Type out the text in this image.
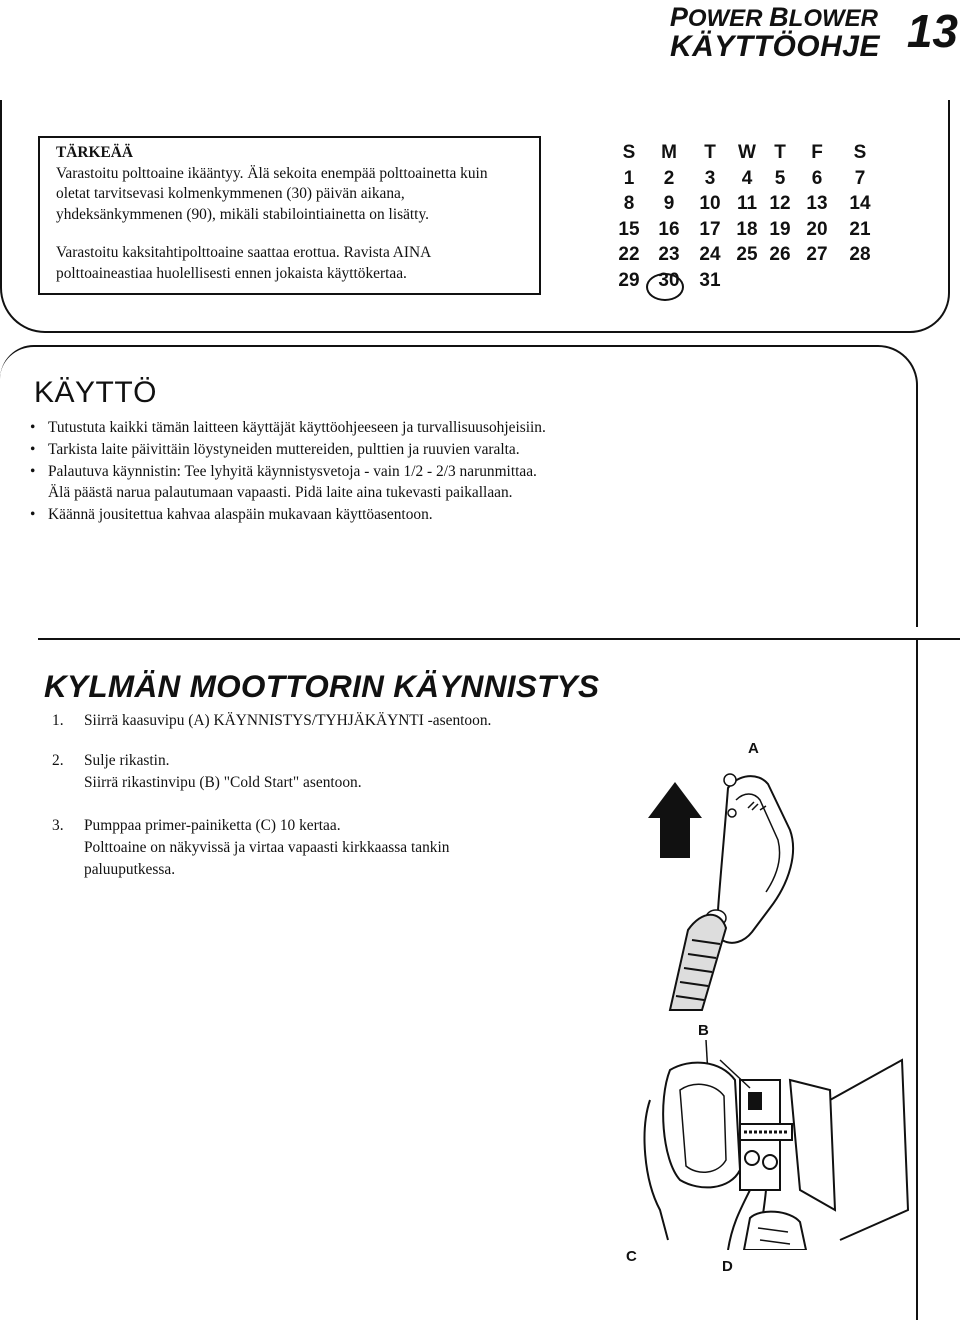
POWER BLOWER
KÄYTTÖOHJE 13

TÄRKEÄÄ

Varastoitu polttoaine ikääntyy. Älä sekoita enempää polttoainetta kuin oletat tarvitsevasi kolmenkymmenen (30) päivän aikana, yhdeksänkymmenen (90), mikäli stabilointiainetta on lisätty.

Varastoitu kaksitahtipolttoaine saattaa erottua. Ravista AINA polttoaineastiaa huolellisesti ennen jokaista käyttökertaa.

S	M	T	W T	F	S
1	2	3	4	5	6	7
8	9	10 11 12 13	14
15 16	17 18 19 20	21
22 23	24 25 26 27	28
29 30	31
KÄYTTÖ
• Tutustuta kaikki tämän laitteen käyttäjät käyttöohjeeseen ja turvallisuusohjeisiin.
• Tarkista laite päivittäin löystyneiden muttereiden, pulttien ja ruuvien varalta.
• Palautuva käynnistin: Tee lyhyitä käynnistysvetoja - vain 1/2 - 2/3 narunmittaa. Älä päästä narua palautumaan vapaasti. Pidä laite aina tukevasti paikallaan.
• Käännä jousitettua kahvaa alaspäin mukavaan käyttöasentoon.
KYLMÄN MOOTTORIN KÄYNNISTYS
1. Siirrä kaasuvipu (A) KÄYNNISTYS/TYHJÄKÄYNTI -asentoon.
2. Sulje rikastin.
Siirrä rikastinvipu (B) "Cold Start" asentoon.
3. Pumppaa primer-painiketta (C) 10 kertaa.
Polttoaine on näkyvissä ja virtaa vapaasti kirkkaassa tankin
paluuputkessa.
A
B
C
D
